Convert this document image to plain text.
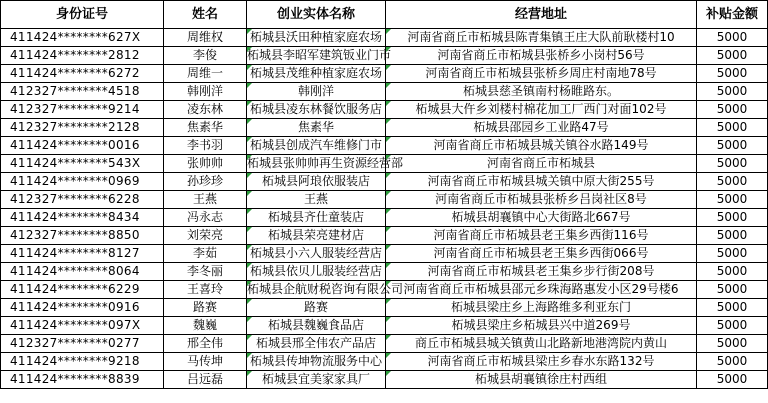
身份证号	姓名	创业实体名称	经营地址	补贴金额

411424********627X	周维权	柘城县沃田种植家庭农场	河南省商丘市柘城县陈青集镇王庄大队前耿楼村10	5000

411424********2812	李俊	柘城县李昭军建筑钣业门市	河南省商丘市柘城县张桥乡小岗村56号	5000

411424********6272	周维一	柘城县茂维种植家庭农场	河南省商丘市柘城县张桥乡周庄村南地78号	5000

412327********4518	韩刚洋	韩刚洋	柘城县慈圣镇南村杨睢路东。	5000

412327********9214	凌东林	柘城县凌东林餐饮服务店	柘城县大仵乡刘楼村棉花加工厂西门对面102号	5000

412327********2128	焦素华	焦素华	柘城县邵园乡工业路47号	5000

411424********0016	李书羽	柘城县创成汽车维修门市	河南省商丘市柘城县城关镇谷水路149号	5000

411424********543X	张帅帅	柘城县张帅帅再生资源经营部	河南省商丘市柘城县	5000

411424********0969	孙珍珍	柘城县阿琅依服装店	河南省商丘市柘城县城关镇中原大街255号	5000

412327********6228	王燕	王燕	河南省商丘市柘城县张桥乡吕岗社区8号	5000

411424********8434	冯永志	柘城县齐仕童装店	柘城县胡襄镇中心大街路北667号	5000

412327********8850	刘荣亮	柘城县荣亮建材店	河南省商丘市柘城县老王集乡西街116号	5000

411424********8127	李茹	柘城县小六人服装经营店	河南省商丘市柘城县老王集乡西街066号	5000

411424********8064	李冬丽	柘城县依贝儿服装经营店	河南省商丘市柘城县老王集乡步行街208号	5000

411424********6229	王喜玲	柘城县企航财税咨询有限公司	河南省商丘市柘城县邵元乡珠海路惠发小区29号楼6	5000

411424********0916	路赛	路赛	柘城县梁庄乡上海路维多利亚东门	5000

411424********097X	魏巍	柘城县魏巍食品店	柘城县梁庄乡柘城县兴中道269号	5000

412327********0277	邢全伟	柘城县邢全伟农产品店	商丘市柘城县城关镇黄山北路新地港湾院内黄山	5000

411424********9218	马传坤	柘城县传坤物流服务中心	河南省商丘市柘城县梁庄乡春水东路132号	5000

411424********8839	吕远磊	柘城县宜美家家具厂	柘城县胡襄镇徐庄村西组	5000
